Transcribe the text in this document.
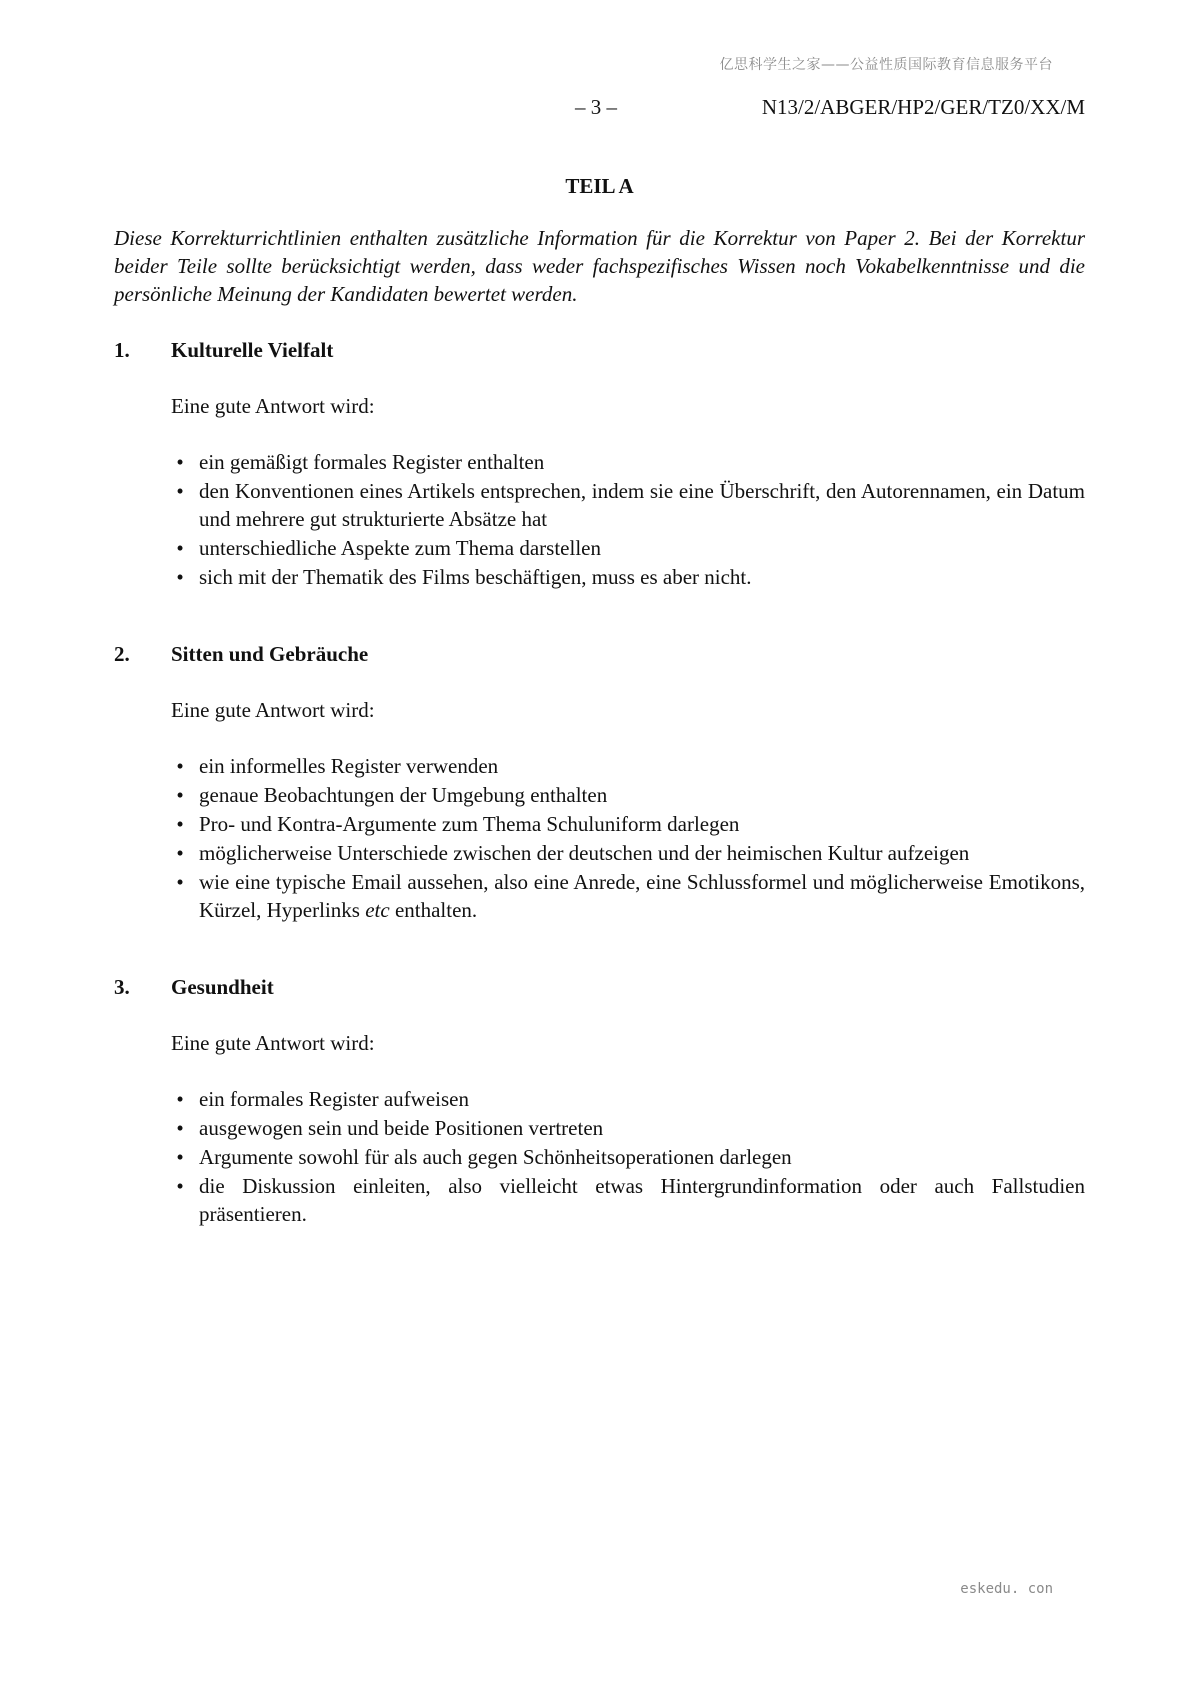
亿思科学生之家——公益性质国际教育信息服务平台
– 3 –	N13/2/ABGER/HP2/GER/TZ0/XX/M
TEIL A

Diese Korrekturrichtlinien enthalten zusätzliche Information für die Korrektur von Paper 2. Bei der Korrektur beider Teile sollte berücksichtigt werden, dass weder fachspezifisches Wissen noch Vokabelkenntnisse und die persönliche Meinung der Kandidaten bewertet werden.

1.	Kulturelle Vielfalt

Eine gute Antwort wird:

• ein gemäßigt formales Register enthalten
• den Konventionen eines Artikels entsprechen, indem sie eine Überschrift, den Autorennamen, ein Datum und mehrere gut strukturierte Absätze hat
• unterschiedliche Aspekte zum Thema darstellen
• sich mit der Thematik des Films beschäftigen, muss es aber nicht.
2.	Sitten und Gebräuche

Eine gute Antwort wird:

• ein informelles Register verwenden
• genaue Beobachtungen der Umgebung enthalten
• Pro- und Kontra-Argumente zum Thema Schuluniform darlegen
• möglicherweise Unterschiede zwischen der deutschen und der heimischen Kultur aufzeigen
• wie eine typische Email aussehen, also eine Anrede, eine Schlussformel und möglicherweise Emotikons, Kürzel, Hyperlinks etc enthalten.
3.	Gesundheit

Eine gute Antwort wird:

• ein formales Register aufweisen
• ausgewogen sein und beide Positionen vertreten
• Argumente sowohl für als auch gegen Schönheitsoperationen darlegen
• die Diskussion einleiten, also vielleicht etwas Hintergrundinformation oder auch Fallstudien präsentieren.
eskedu. con
